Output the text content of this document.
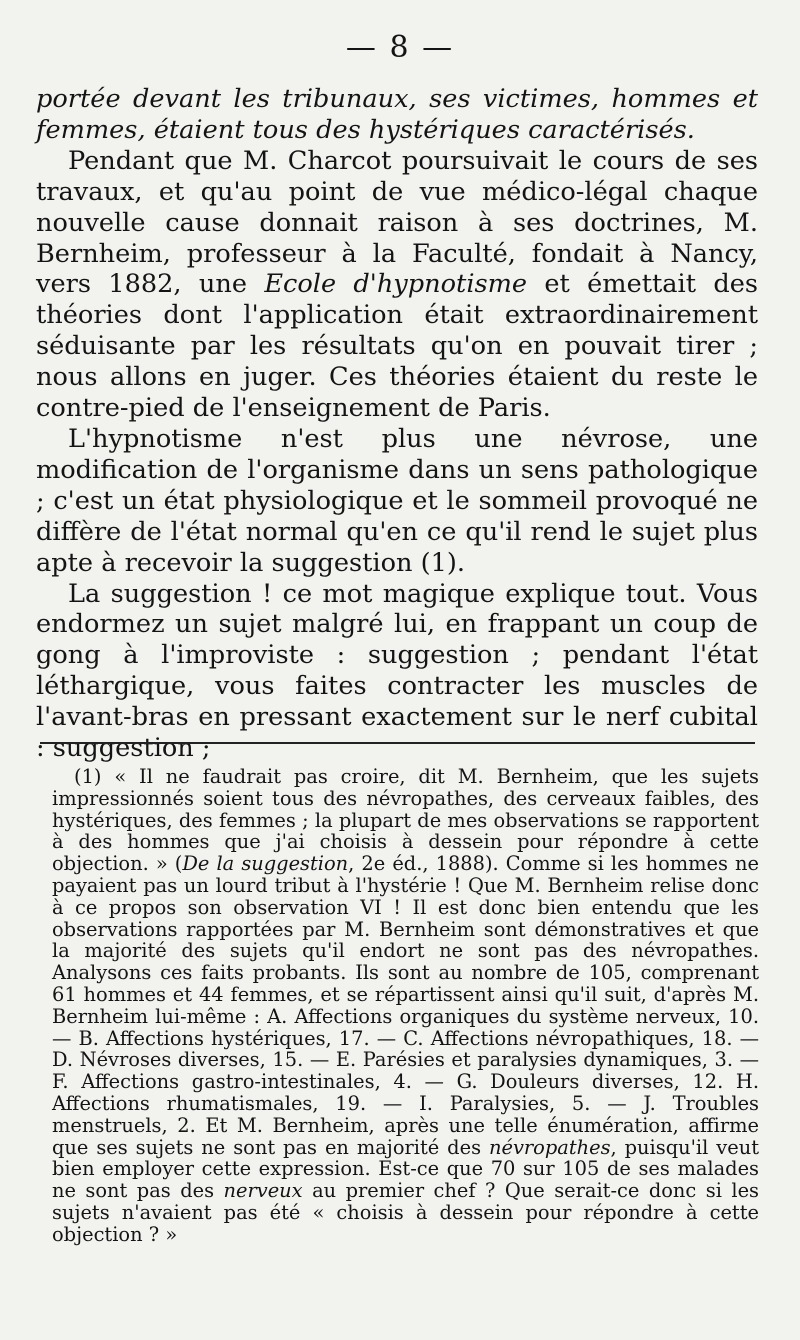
— 8 —

portée devant les tribunaux, ses victimes, hommes et femmes, étaient tous des hystériques caractérisés.

Pendant que M. Charcot poursuivait le cours de ses travaux, et qu'au point de vue médico-légal chaque nouvelle cause donnait raison à ses doctrines, M. Bernheim, professeur à la Faculté, fondait à Nancy, vers 1882, une Ecole d'hypnotisme et émettait des théories dont l'application était extraordinairement séduisante par les résultats qu'on en pouvait tirer ; nous allons en juger. Ces théories étaient du reste le contre-pied de l'enseignement de Paris.

L'hypnotisme n'est plus une névrose, une modification de l'organisme dans un sens pathologique ; c'est un état physiologique et le sommeil provoqué ne diffère de l'état normal qu'en ce qu'il rend le sujet plus apte à recevoir la suggestion (1).

La suggestion ! ce mot magique explique tout. Vous endormez un sujet malgré lui, en frappant un coup de gong à l'improviste : suggestion ; pendant l'état léthargique, vous faites contracter les muscles de l'avant-bras en pressant exactement sur le nerf cubital : suggestion ;

(1) « Il ne faudrait pas croire, dit M. Bernheim, que les sujets impressionnés soient tous des névropathes, des cerveaux faibles, des hystériques, des femmes ; la plupart de mes observations se rapportent à des hommes que j'ai choisis à dessein pour répondre à cette objection. » (De la suggestion, 2e éd., 1888). Comme si les hommes ne payaient pas un lourd tribut à l'hystérie ! Que M. Bernheim relise donc à ce propos son observation VI ! Il est donc bien entendu que les observations rapportées par M. Bernheim sont démonstratives et que la majorité des sujets qu'il endort ne sont pas des névropathes. Analysons ces faits probants. Ils sont au nombre de 105, comprenant 61 hommes et 44 femmes, et se répartissent ainsi qu'il suit, d'après M. Bernheim lui-même : A. Affections organiques du système nerveux, 10. — B. Affections hystériques, 17. — C. Affections névropathiques, 18. — D. Névroses diverses, 15. — E. Parésies et paralysies dynamiques, 3. — F. Affections gastro-intestinales, 4. — G. Douleurs diverses, 12. H. Affections rhumatismales, 19. — I. Paralysies, 5. — J. Troubles menstruels, 2. Et M. Bernheim, après une telle énumération, affirme que ses sujets ne sont pas en majorité des névropathes, puisqu'il veut bien employer cette expression. Est-ce que 70 sur 105 de ses malades ne sont pas des nerveux au premier chef ? Que serait-ce donc si les sujets n'avaient pas été « choisis à dessein pour répondre à cette objection ? »
